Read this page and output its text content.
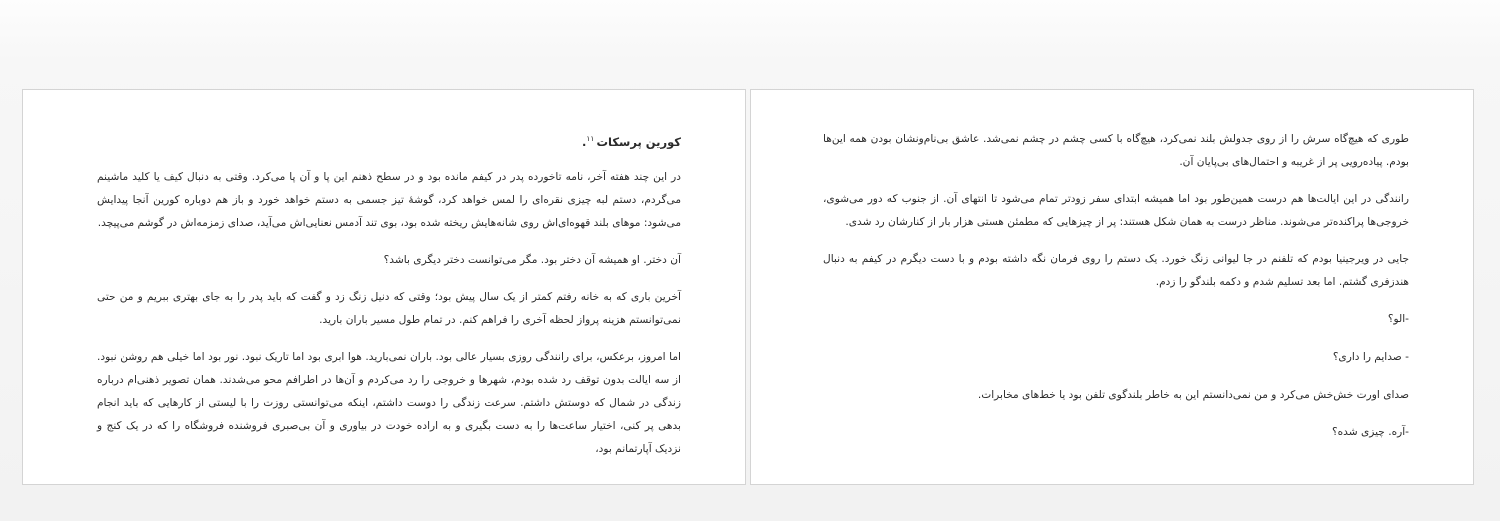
کورین پرسکات$^{۱۱}$.

در این چند هفته آخر، نامه تاخورده پدر در کیفم مانده بود و در سطح ذهنم این پا و آن پا می‌کرد. وقتی به دنبال کیف یا کلید ماشینم می‌گردم، دستم لبه چیزی نقره‌ای را لمس خواهد کرد، گوشهٔ تیز جسمی به دستم خواهد خورد و باز هم دوباره کورین آنجا پیدایش می‌شود: موهای بلند قهوه‌ای‌اش روی شانه‌هایش ریخته شده بود، بوی تند آدمس نعنایی‌اش می‌آید، صدای زمزمه‌اش در گوشم می‌پیچد.

آن دختر. او همیشه آن دختر بود. مگر می‌توانست دختر دیگری باشد؟

آخرین باری که به خانه رفتم کمتر از یک سال پیش بود؛ وقتی که دنیل زنگ زد و گفت که باید پدر را به جای بهتری ببریم و من حتی نمی‌توانستم هزینه پرواز لحظه آخری را فراهم کنم. در تمام طول مسیر باران بارید.

اما امروز، برعکس، برای رانندگی روزی بسیار عالی بود. باران نمی‌بارید. هوا ابری بود اما تاریک نبود. نور بود اما خیلی هم روشن نبود. از سه ایالت بدون توقف رد شده بودم، شهرها و خروجی را رد می‌کردم و آن‌ها در اطرافم محو می‌شدند. همان تصویر ذهنی‌ام درباره زندگی در شمال که دوستش داشتم. سرعت زندگی را دوست داشتم، اینکه می‌توانستی روزت را با لیستی از کارهایی که باید انجام بدهی پر کنی، اختیار ساعت‌ها را به دست بگیری و به اراده خودت در بیاوری و آن بی‌صبری فروشنده فروشگاه را که در یک کنج و نزدیک آپارتمانم بود،

طوری که هیچ‌گاه سرش را از روی جدولش بلند نمی‌کرد، هیچ‌گاه با کسی چشم در چشم نمی‌شد. عاشق بی‌نام‌ونشان بودن همه این‌ها بودم. پیاده‌رویی پر از غریبه و احتمال‌های بی‌پایان آن.

رانندگی در این ایالت‌ها هم درست همین‌طور بود اما همیشه ابتدای سفر زودتر تمام می‌شود تا انتهای آن. از جنوب که دور می‌شوی، خروجی‌ها پراکنده‌تر می‌شوند. مناظر درست به همان شکل هستند: پر از چیزهایی که مطمئن هستی هزار بار از کنارشان رد شدی.

جایی در ویرجینیا بودم که تلفنم در جا لیوانی زنگ خورد. یک دستم را روی فرمان نگه داشته بودم و با دست دیگرم در کیفم به دنبال هندزفری گشتم. اما بعد تسلیم شدم و دکمه بلندگو را زدم.

-الو؟

- صدایم را داری؟

صدای اورت خش‌خش می‌کرد و من نمی‌دانستم این به خاطر بلندگوی تلفن بود یا خط‌های مخابرات.

-آره. چیزی شده؟
